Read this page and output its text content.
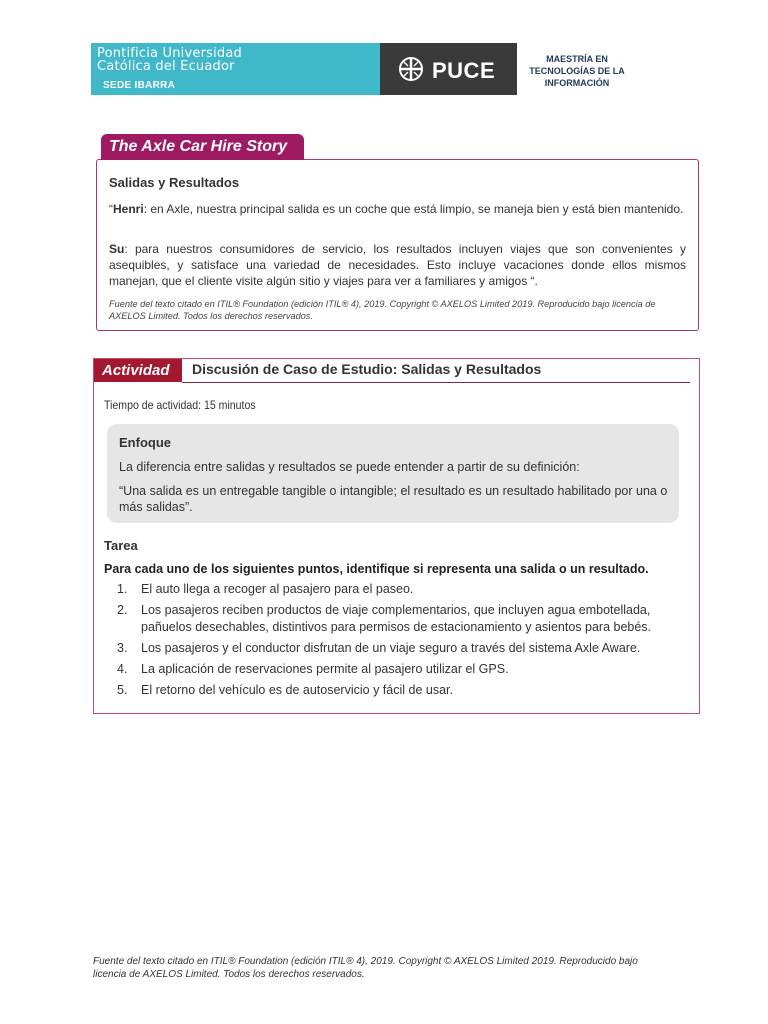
Pontificia Universidad
Católica del Ecuador
SEDE IBARRA
PUCE	MAESTRÍA EN
TECNOLOGÍAS DE LA
INFORMACIÓN
The Axle Car Hire Story
Salidas y Resultados
“Henri: en Axle, nuestra principal salida es un coche que está limpio, se maneja bien y está bien mantenido.
Su: para nuestros consumidores de servicio, los resultados incluyen viajes que son convenientes y asequibles, y satisface una variedad de necesidades. Esto incluye vacaciones donde ellos mismos manejan, que el cliente visite algún sitio y viajes para ver a familiares y amigos “.
Fuente del texto citado en ITIL® Foundation (edición ITIL® 4), 2019. Copyright © AXELOS Limited 2019. Reproducido bajo licencia de AXELOS Limited. Todos los derechos reservados.
Actividad	Discusión de Caso de Estudio: Salidas y Resultados
Tiempo de actividad: 15 minutos
Enfoque
La diferencia entre salidas y resultados se puede entender a partir de su definición:
“Una salida es un entregable tangible o intangible; el resultado es un resultado habilitado por una o más salidas”.
Tarea
Para cada uno de los siguientes puntos, identifique si representa una salida o un resultado.
1. El auto llega a recoger al pasajero para el paseo.
2. Los pasajeros reciben productos de viaje complementarios, que incluyen agua embotellada, pañuelos desechables, distintivos para permisos de estacionamiento y asientos para bebés.
3. Los pasajeros y el conductor disfrutan de un viaje seguro a través del sistema Axle Aware.
4. La aplicación de reservaciones permite al pasajero utilizar el GPS.
5. El retorno del vehículo es de autoservicio y fácil de usar.
Fuente del texto citado en ITIL® Foundation (edición ITIL® 4), 2019. Copyright © AXELOS Limited 2019. Reproducido bajo licencia de AXELOS Limited. Todos los derechos reservados.
